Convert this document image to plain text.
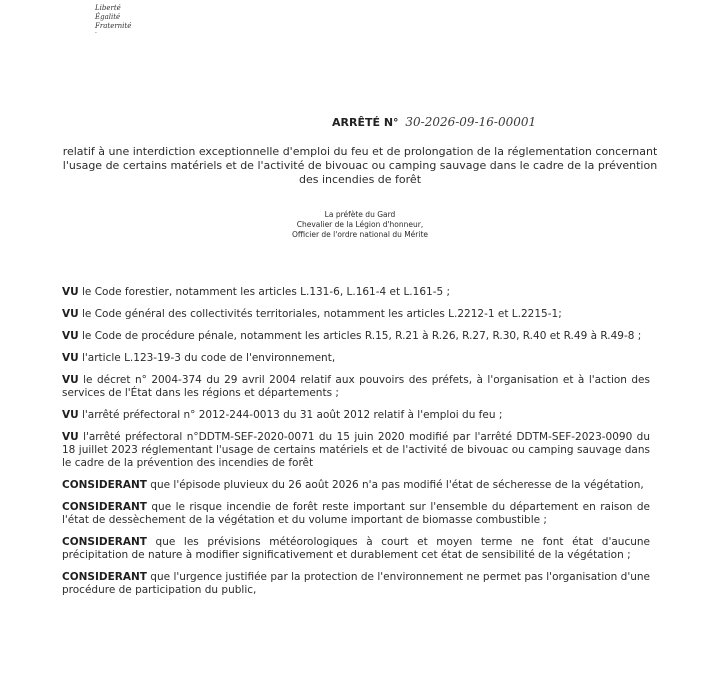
Liberté
Égalité
Fraternité
·
ARRÊTÉ N° 30-2026-09-16-00001
relatif à une interdiction exceptionnelle d'emploi du feu et de prolongation de la réglementation concernant l'usage de certains matériels et de l'activité de bivouac ou camping sauvage dans le cadre de la prévention des incendies de forêt
La préfète du Gard
Chevalier de la Légion d'honneur,
Officier de l'ordre national du Mérite

VU le Code forestier, notamment les articles L.131-6, L.161-4 et L.161-5 ;

VU le Code général des collectivités territoriales, notamment les articles L.2212-1 et L.2215-1;

VU le Code de procédure pénale, notamment les articles R.15, R.21 à R.26, R.27, R.30, R.40 et R.49 à R.49-8 ;

VU l'article L.123-19-3 du code de l'environnement,

VU le décret n° 2004-374 du 29 avril 2004 relatif aux pouvoirs des préfets, à l'organisation et à l'action des services de l'État dans les régions et départements ;

VU l'arrêté préfectoral n° 2012-244-0013 du 31 août 2012 relatif à l'emploi du feu ;

VU l'arrêté préfectoral n°DDTM-SEF-2020-0071 du 15 juin 2020 modifié par l'arrêté DDTM-SEF-2023-0090 du 18 juillet 2023 réglementant l'usage de certains matériels et de l'activité de bivouac ou camping sauvage dans le cadre de la prévention des incendies de forêt

CONSIDERANT que l'épisode pluvieux du 26 août 2026 n'a pas modifié l'état de sécheresse de la végétation,

CONSIDERANT que le risque incendie de forêt reste important sur l'ensemble du département en raison de l'état de dessèchement de la végétation et du volume important de biomasse combustible ;

CONSIDERANT que les prévisions météorologiques à court et moyen terme ne font état d'aucune précipitation de nature à modifier significativement et durablement cet état de sensibilité de la végétation ;

CONSIDERANT que l'urgence justifiée par la protection de l'environnement ne permet pas l'organisation d'une procédure de participation du public,
